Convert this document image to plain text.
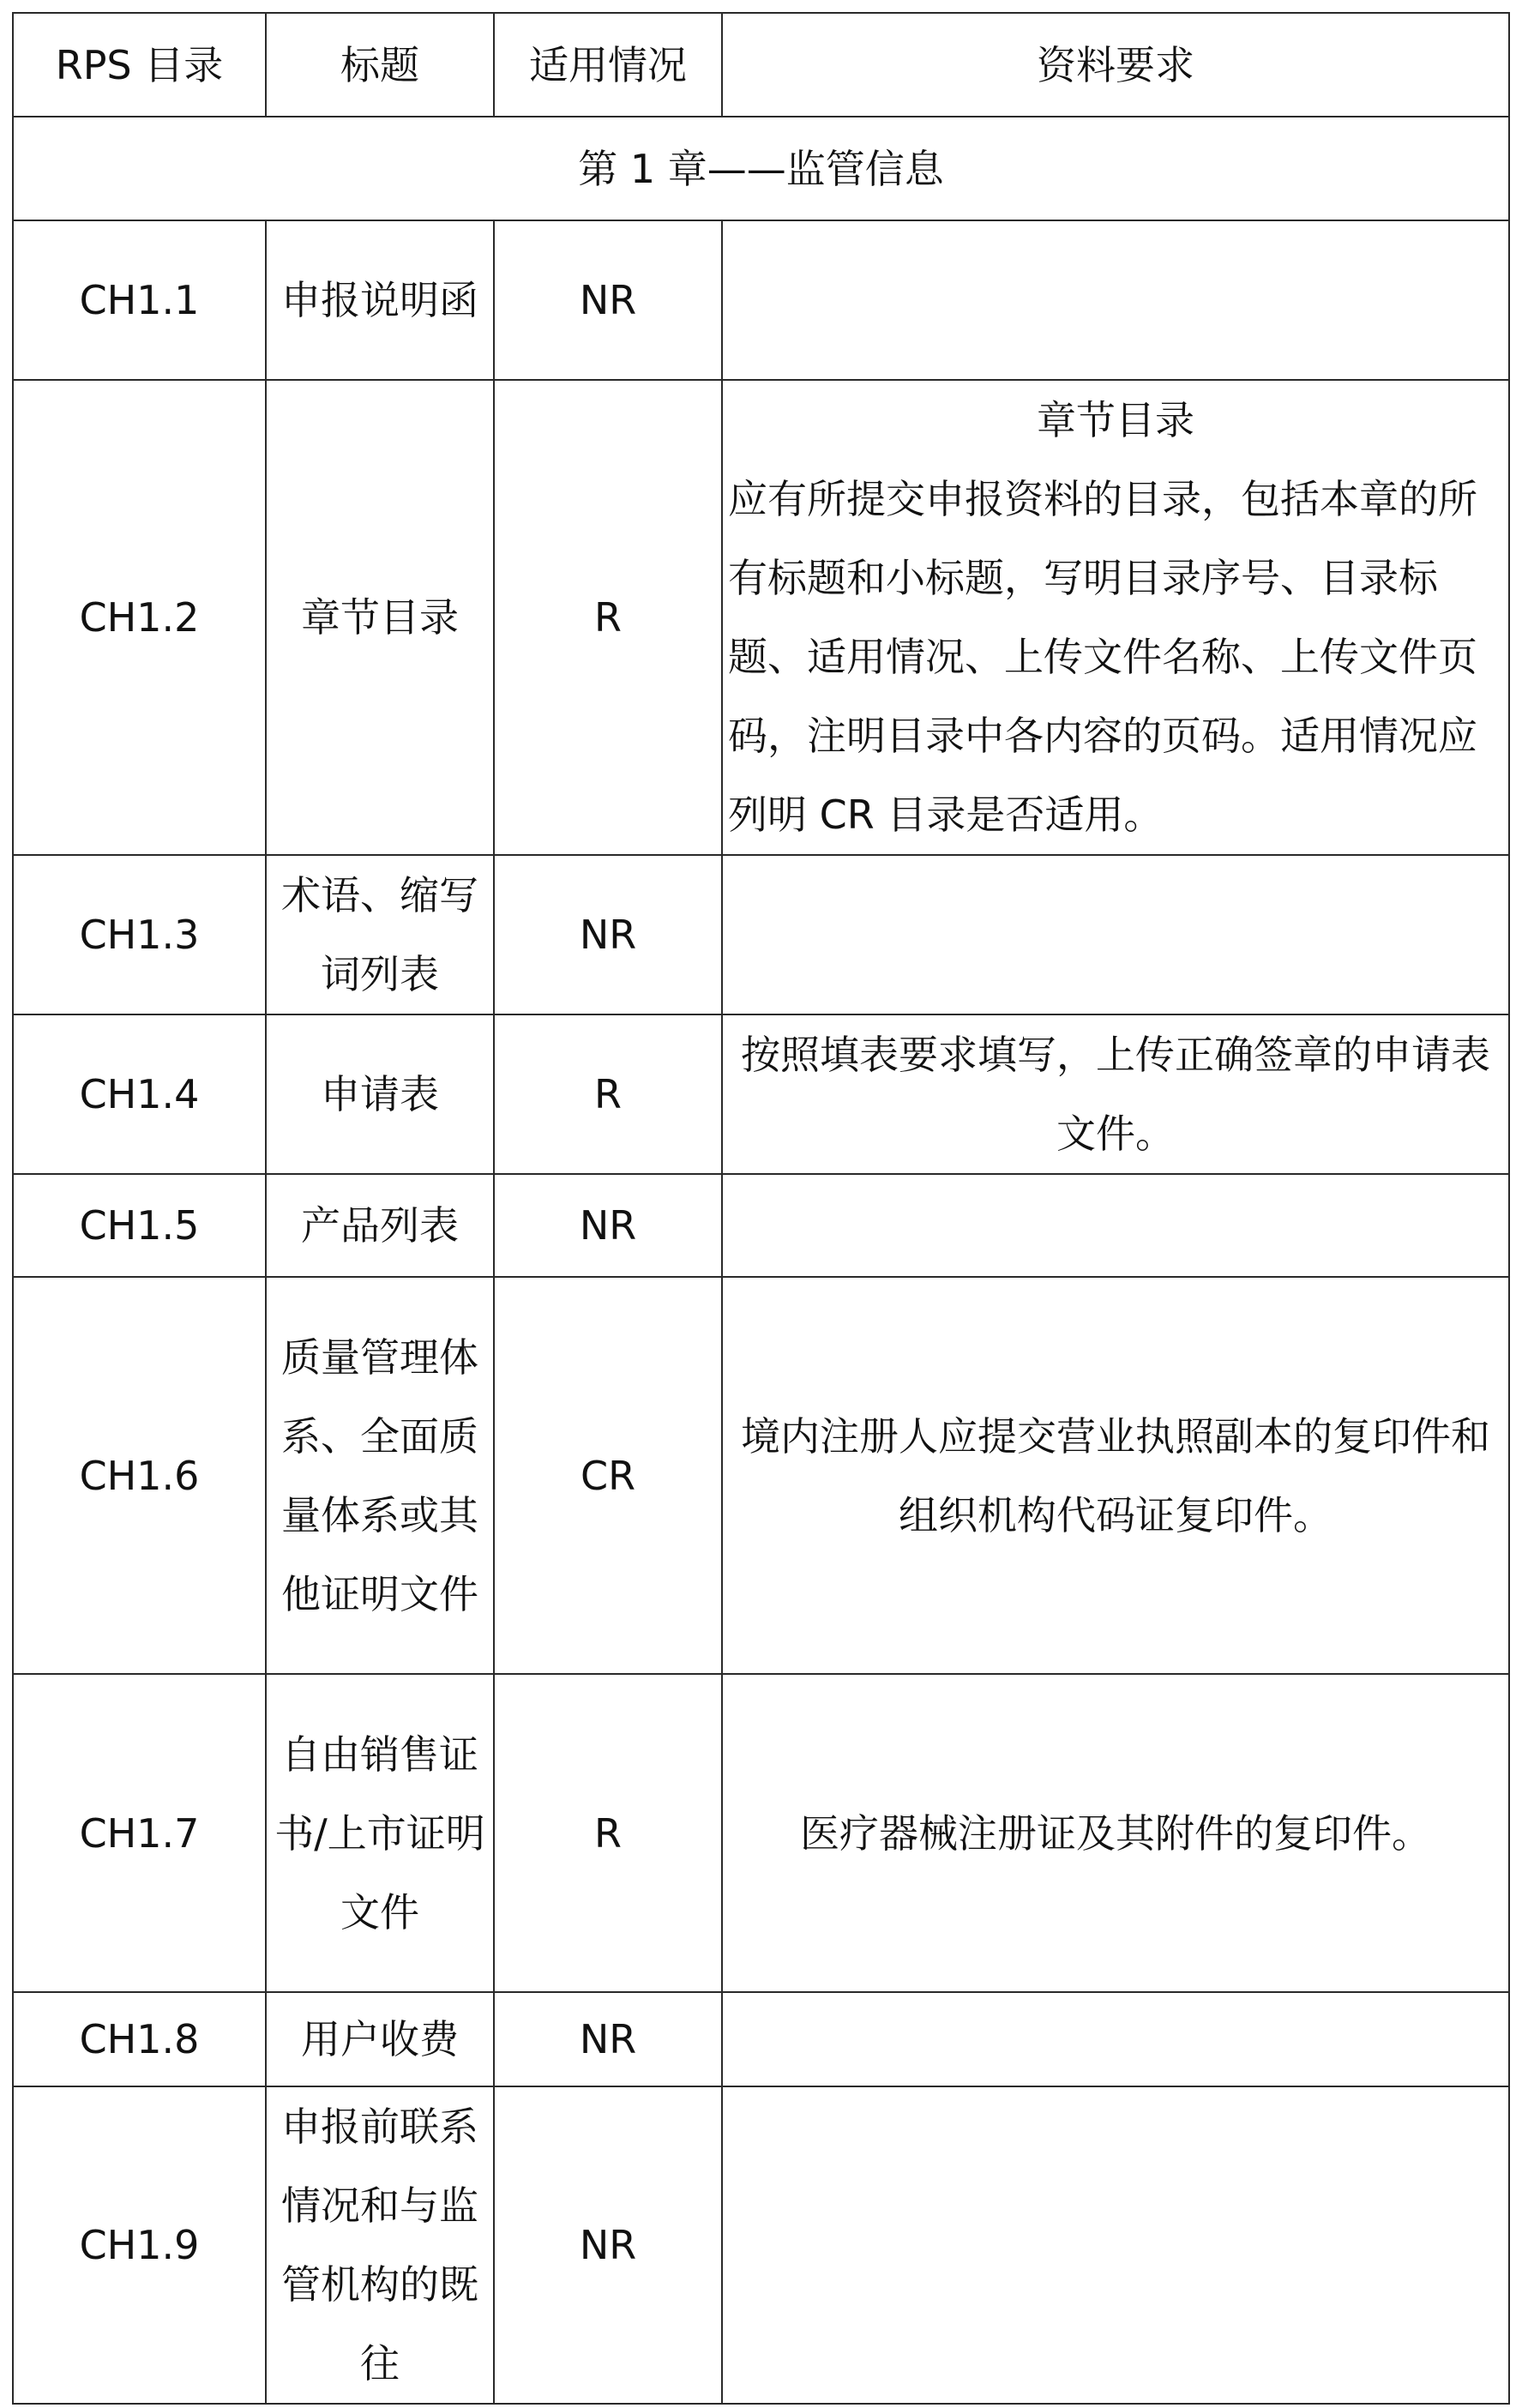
RPS 目录	标题	适用情况	资料要求
第 1 章——监管信息			
CH1.1	申报说明函	NR	
CH1.2	章节目录	R	章节目录
应有所提交申报资料的目录，包括本章的所有标题和小标题，写明目录序号、目录标题、适用情况、上传文件名称、上传文件页码，注明目录中各内容的页码。适用情况应列明 CR 目录是否适用。

CH1.3	术语、缩写词列表	NR	
CH1.4	申请表	R	按照填表要求填写，上传正确签章的申请表文件。
CH1.5	产品列表	NR	
CH1.6	质量管理体系、全面质量体系或其他证明文件	CR	境内注册人应提交营业执照副本的复印件和组织机构代码证复印件。
CH1.7	自由销售证书/上市证明文件	R	医疗器械注册证及其附件的复印件。
CH1.8	用户收费	NR	
CH1.9	申报前联系情况和与监管机构的既往	NR	
